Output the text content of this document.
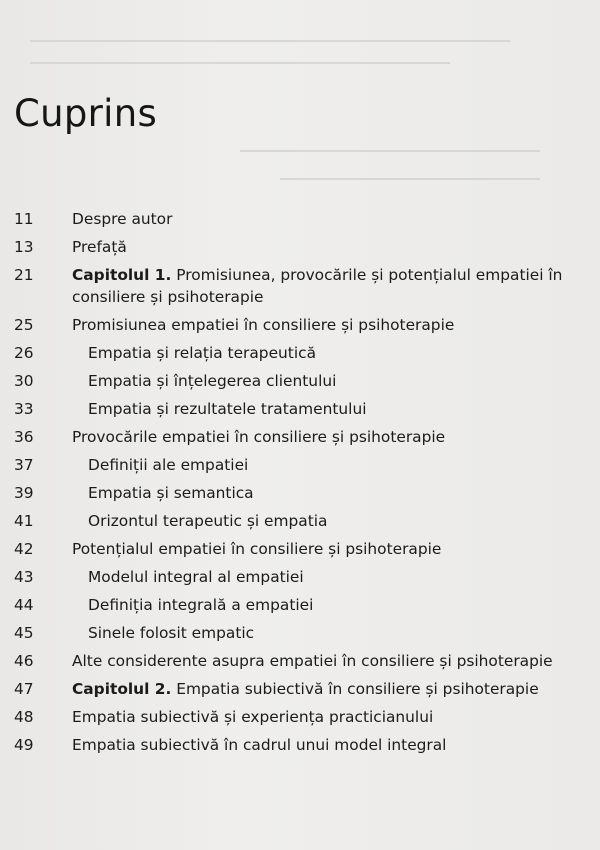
Cuprins
11	Despre autor
13	Prefață
21	Capitolul 1. Promisiunea, provocările și potențialul empatiei în consiliere și psihoterapie
25	Promisiunea empatiei în consiliere și psihoterapie
26	Empatia și relația terapeutică
30	Empatia și înțelegerea clientului
33	Empatia și rezultatele tratamentului
36	Provocările empatiei în consiliere și psihoterapie
37	Definiții ale empatiei
39	Empatia și semantica
41	Orizontul terapeutic și empatia
42	Potențialul empatiei în consiliere și psihoterapie
43	Modelul integral al empatiei
44	Definiția integrală a empatiei
45	Sinele folosit empatic
46	Alte considerente asupra empatiei în consiliere și psihoterapie
47	Capitolul 2. Empatia subiectivă în consiliere și psihoterapie
48	Empatia subiectivă și experiența practicianului
49	Empatia subiectivă în cadrul unui model integral
